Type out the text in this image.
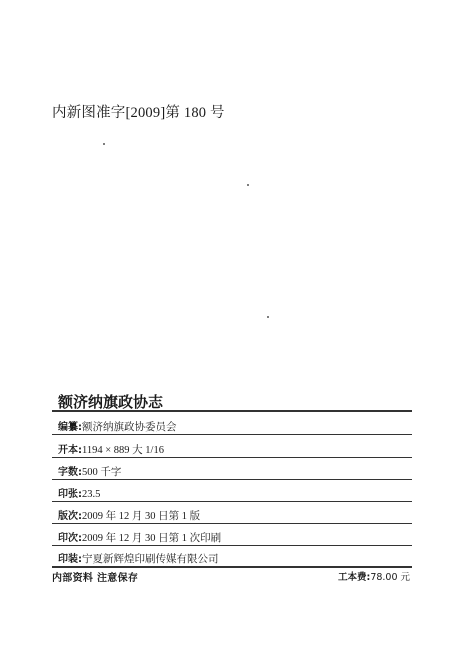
内新图准字[2009]第 180 号
额济纳旗政协志
编纂:额济纳旗政协委员会
开本:1194 × 889 大 1/16
字数:500 千字
印张:23.5
版次:2009 年 12 月 30 日第 1 版
印次:2009 年 12 月 30 日第 1 次印刷
印装:宁夏新辉煌印刷传媒有限公司
内部资料 注意保存	工本费:78.00 元
